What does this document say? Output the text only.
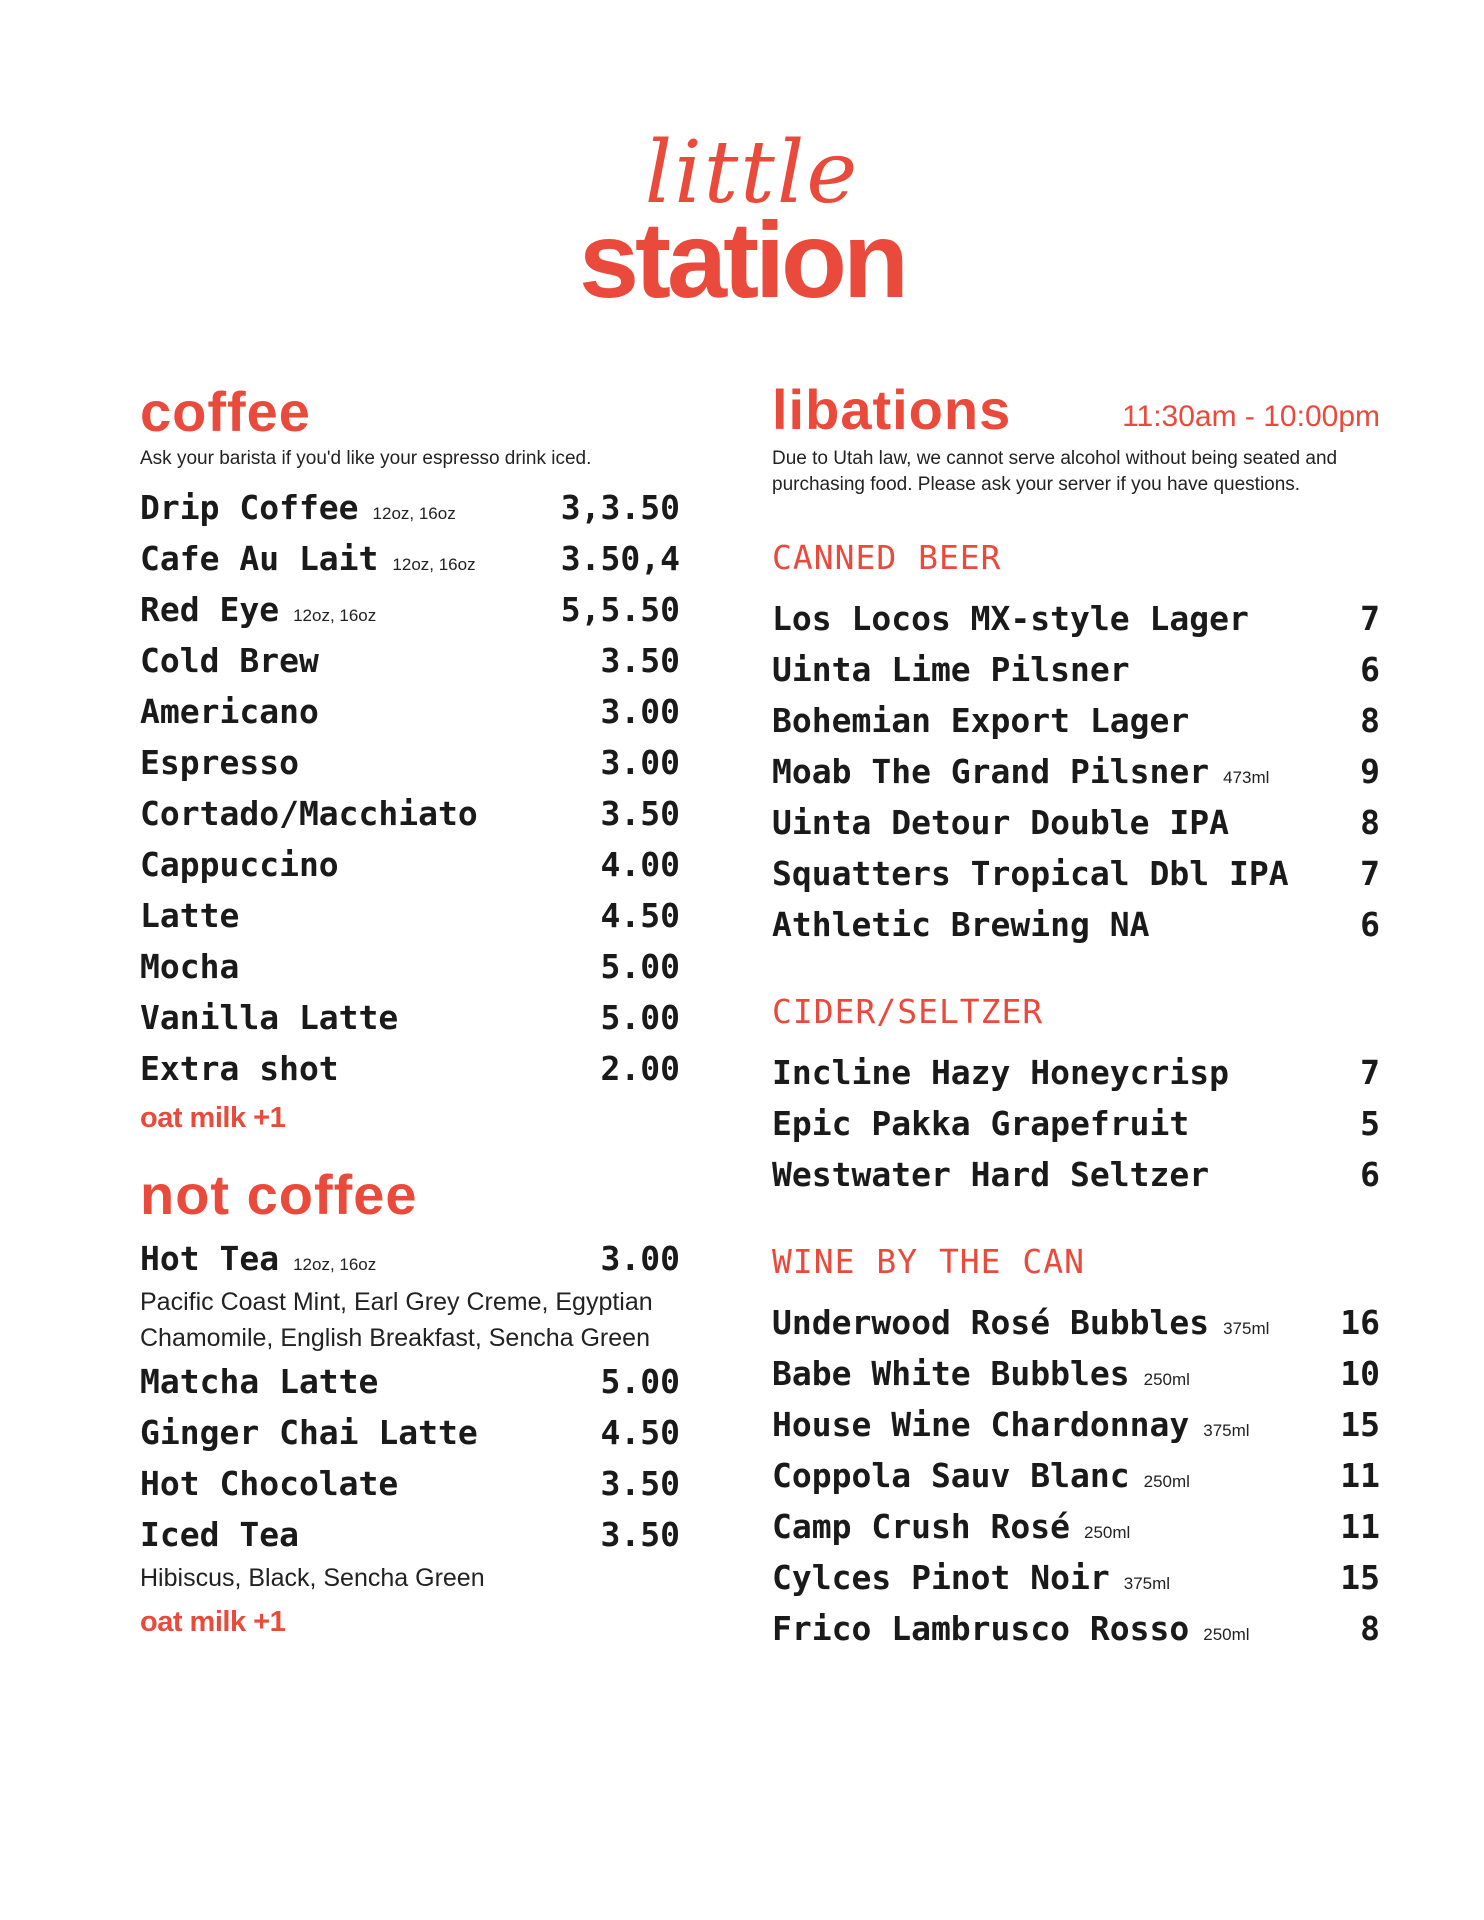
little
station
coffee
Ask your barista if you'd like your espresso drink iced.
Drip Coffee 12oz, 16oz	3,3.50
Cafe Au Lait 12oz, 16oz	3.50,4
Red Eye 12oz, 16oz	5,5.50
Cold Brew	3.50
Americano	3.00
Espresso	3.00
Cortado/Macchiato	3.50
Cappuccino	4.00
Latte	4.50
Mocha	5.00
Vanilla Latte	5.00
Extra shot	2.00
oat milk +1
not coffee
Hot Tea 12oz, 16oz	3.00
Pacific Coast Mint, Earl Grey Creme, Egyptian Chamomile, English Breakfast, Sencha Green
Matcha Latte	5.00
Ginger Chai Latte	4.50
Hot Chocolate	3.50
Iced Tea	3.50
Hibiscus, Black, Sencha Green
oat milk +1
libations	11:30am - 10:00pm
Due to Utah law, we cannot serve alcohol without being seated and purchasing food. Please ask your server if you have questions.
CANNED BEER
Los Locos MX-style Lager	7
Uinta Lime Pilsner	6
Bohemian Export Lager	8
Moab The Grand Pilsner 473ml	9
Uinta Detour Double IPA	8
Squatters Tropical Dbl IPA 7
Athletic Brewing NA	6
CIDER/SELTZER
Incline Hazy Honeycrisp	7
Epic Pakka Grapefruit	5
Westwater Hard Seltzer	6
WINE BY THE CAN
Underwood Rosé Bubbles 375ml 16
Babe White Bubbles 250ml	10
House Wine Chardonnay 375ml	15
Coppola Sauv Blanc 250ml	11
Camp Crush Rosé 250ml	11
Cylces Pinot Noir 375ml	15
Frico Lambrusco Rosso 250ml	8
